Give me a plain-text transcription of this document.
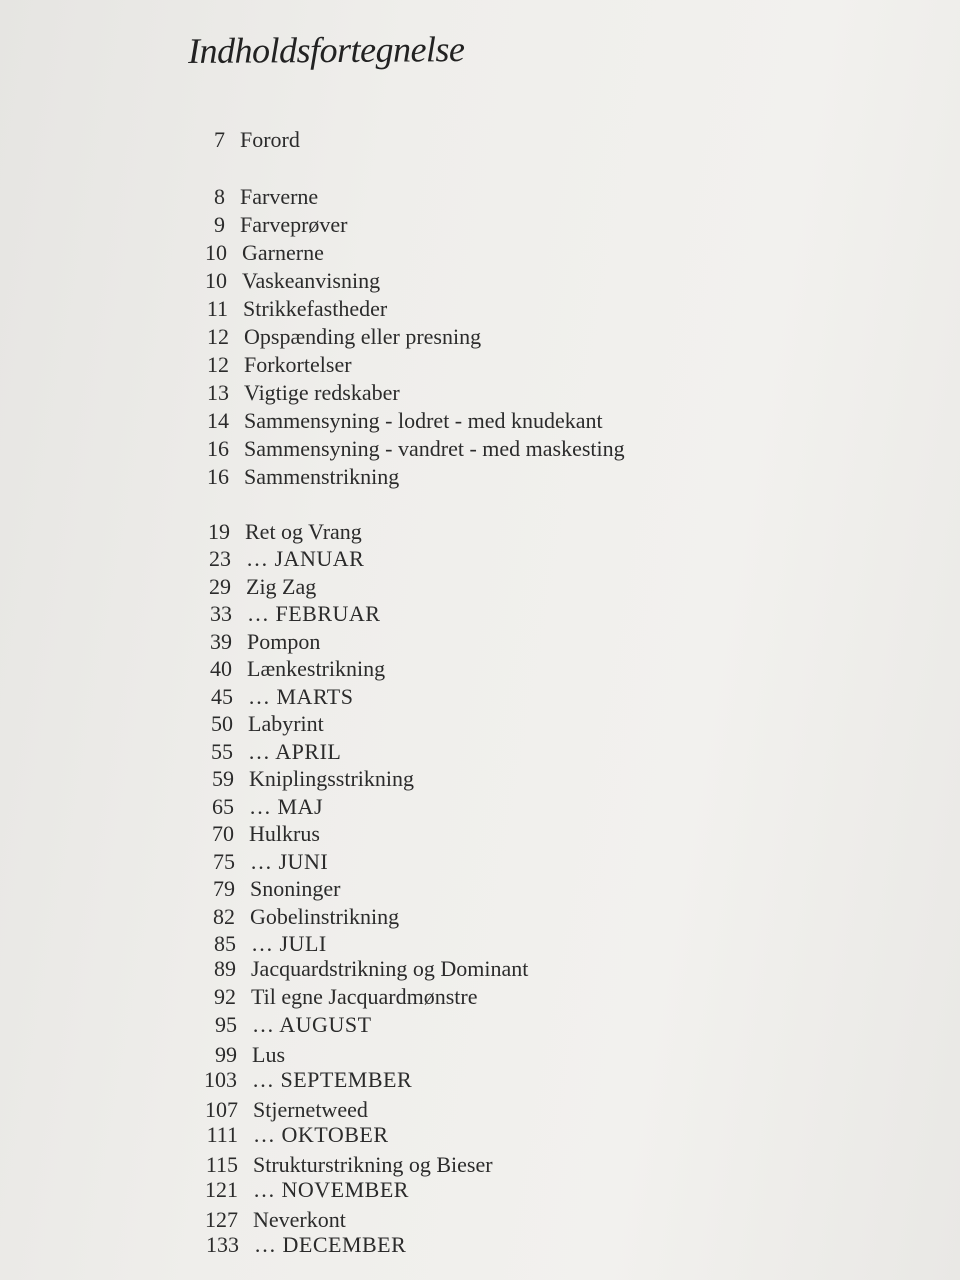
Indholdsfortegnelse
7 Forord
8 Farverne
9 Farveprøver
10 Garnerne
10 Vaskeanvisning
11 Strikkefastheder
12 Opspænding eller presning
12 Forkortelser
13 Vigtige redskaber
14 Sammensyning - lodret - med knudekant
16 Sammensyning - vandret - med maskesting
16 Sammenstrikning
19 Ret og Vrang
23 … JANUAR
29 Zig Zag
33 … FEBRUAR
39 Pompon
40 Lænkestrikning
45 … MARTS
50 Labyrint
55 … APRIL
59 Kniplingsstrikning
65 … MAJ
70 Hulkrus
75 … JUNI
79 Snoninger
82 Gobelinstrikning
85 … JULI
89 Jacquardstrikning og Dominant
92 Til egne Jacquardmønstre
95 … AUGUST
99 Lus
103 … SEPTEMBER
107 Stjernetweed
111 … OKTOBER
115 Strukturstrikning og Bieser
121 … NOVEMBER
127 Neverkont
133 … DECEMBER
